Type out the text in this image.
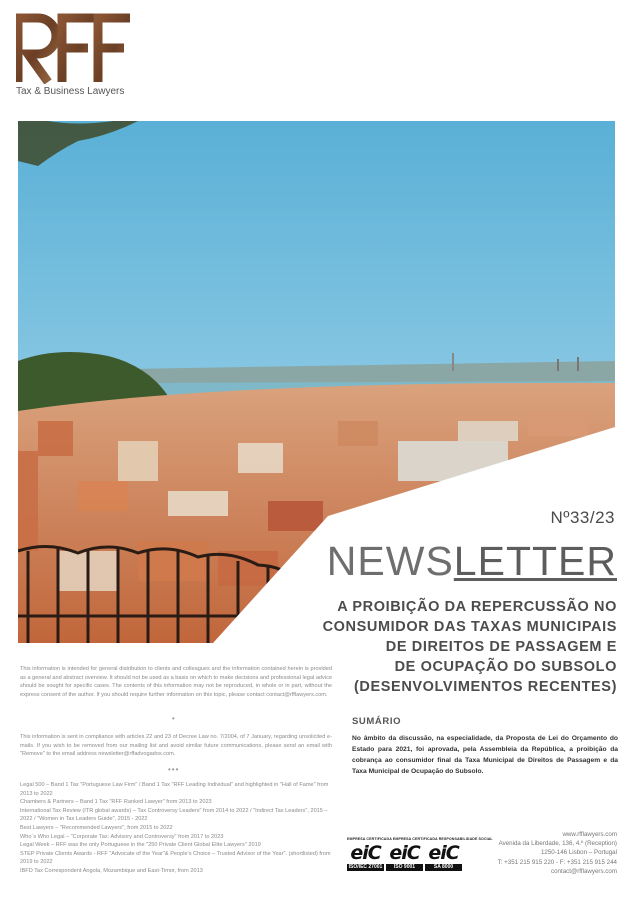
Tax & Business Lawyers
Nº33/23
NEWSLETTER
A PROIBIÇÃO DA REPERCUSSÃO NO
CONSUMIDOR DAS TAXAS MUNICIPAIS
DE DIREITOS DE PASSAGEM E
DE OCUPAÇÃO DO SUBSOLO
(DESENVOLVIMENTOS RECENTES)
This information is intended for general distribution to clients and colleagues and the information contained herein is provided as a general and abstract overview. It should not be used as a basis on which to make decisions and professional legal advice should be sought for specific cases. The contents of this information may not be reproduced, in whole or in part, without the express consent of the author. If you should require further information on this topic, please contact contact@rfflawyers.com.
•
This information is sent in compliance with articles 22 and 23 of Decree Law no. 7/2004, of 7 January, regarding unsolicited e-mails. If you wish to be removed from our mailing list and avoid similar future communications, please send an email with "Remove" to the email address newsletter@rffadvogados.com.
•••
Legal 500 – Band 1 Tax "Portuguese Law Firm" / Band 1 Tax "RFF Leading Individual" and highlighted in "Hall of Fame" from 2013 to 2022
Chambers & Partners – Band 1 Tax "RFF Ranked Lawyer" from 2013 to 2023
International Tax Review (ITR global awards) – Tax Controversy Leaders" from 2014 to 2022 / "Indirect Tax Leaders", 2015 – 2022 / "Women in Tax Leaders Guide", 2015 - 2022
Best Lawyers – "Recommended Lawyers", from 2015 to 2022
Who´s Who Legal – "Corporate Tax: Advisory and Controversy" from 2017 to 2023
Legal Week – RFF was the only Portuguese in the "250 Private Client Global Elite Lawyers" 2019
STEP Private Clients Awards - RFF "Advocate of the Year"& People's Choice – Trusted Advisor of the Year". (shortlisted) from 2019 to 2022
IBFD Tax Correspondent Angola, Mozambique and East-Timor, from 2013
SUMÁRIO
No âmbito da discussão, na especialidade, da Proposta de Lei do Orçamento do Estado para 2021, foi aprovada, pela Assembleia da República, a proibição da cobrança ao consumidor final da Taxa Municipal de Direitos de Passagem e da Taxa Municipal de Ocupação do Subsolo.
EMPRESA CERTIFICADA EMPRESA CERTIFICADA RESPONSABILIDADE SOCIAL
eiC
ISO/IEC 27001
eiC
ISO 9001
eiC
SA 8000
www.rfflawyers.com
Avenida da Liberdade, 136, 4.º (Reception)
1250-146 Lisbon – Portugal
T: +351 215 915 220 - F: +351 215 915 244
contact@rfflawyers.com
